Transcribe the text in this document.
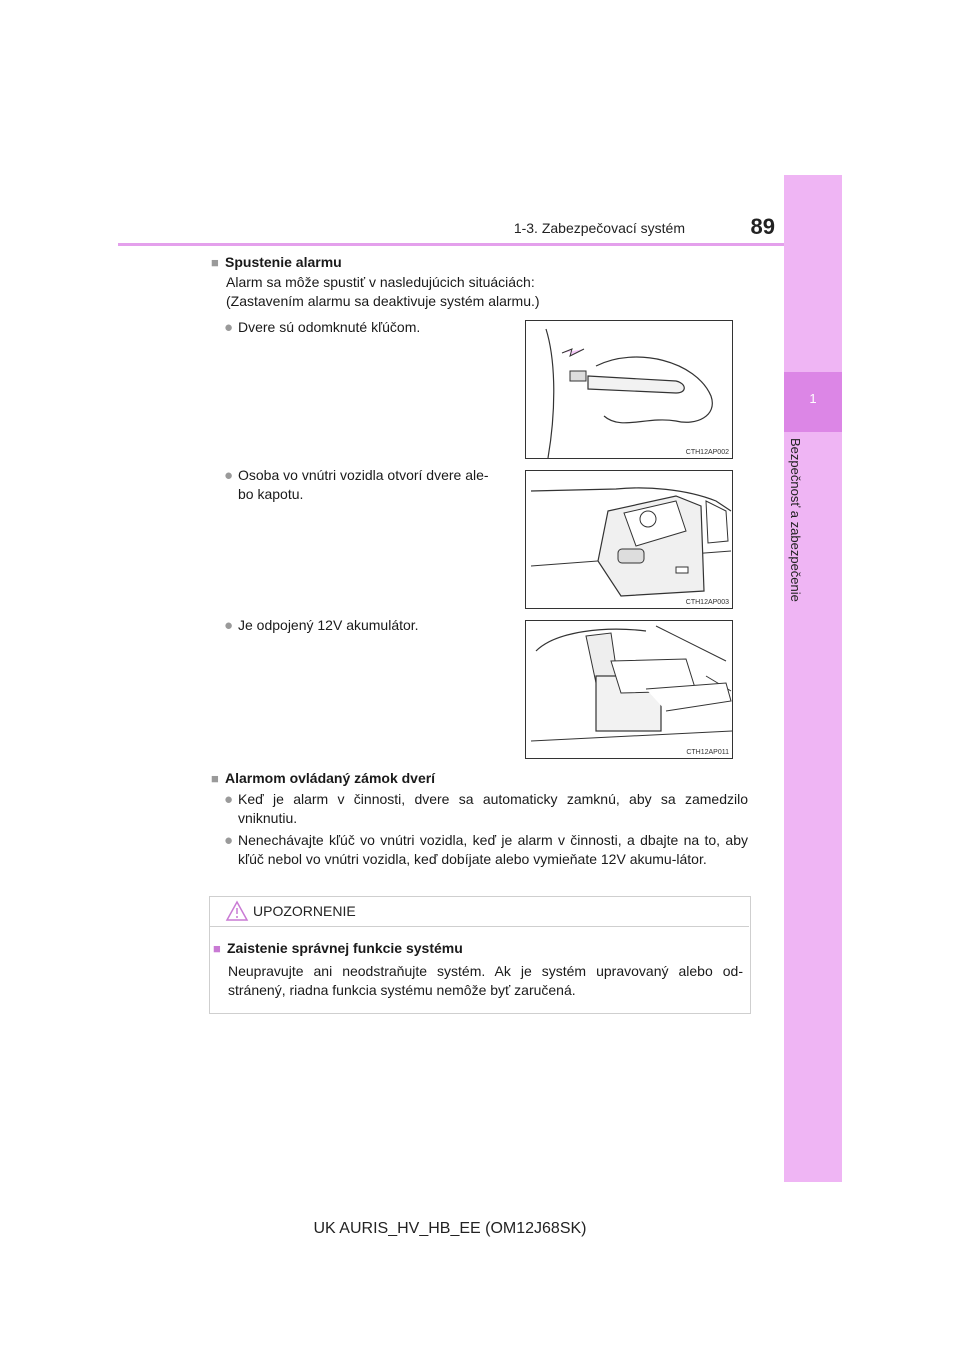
1-3. Zabezpečovací systém	89
1
Bezpečnosť a zabezpečenie
■ Spustenie alarmu
Alarm sa môže spustiť v nasledujúcich situáciách:
(Zastavením alarmu sa deaktivuje systém alarmu.)
● Dvere sú odomknuté kľúčom.
● Osoba vo vnútri vozidla otvorí dvere ale-bo kapotu.
● Je odpojený 12V akumulátor.
CTH12AP002
CTH12AP003
CTH12AP011
■ Alarmom ovládaný zámok dverí
● Keď je alarm v činnosti, dvere sa automaticky zamknú, aby sa zamedzilo vniknutiu.
● Nenechávajte kľúč vo vnútri vozidla, keď je alarm v činnosti, a dbajte na to, aby kľúč nebol vo vnútri vozidla, keď dobíjate alebo vymieňate 12V akumu-látor.
UPOZORNENIE
■ Zaistenie správnej funkcie systému
Neupravujte ani neodstraňujte systém. Ak je systém upravovaný alebo od-stránený, riadna funkcia systému nemôže byť zaručená.
UK AURIS_HV_HB_EE (OM12J68SK)
